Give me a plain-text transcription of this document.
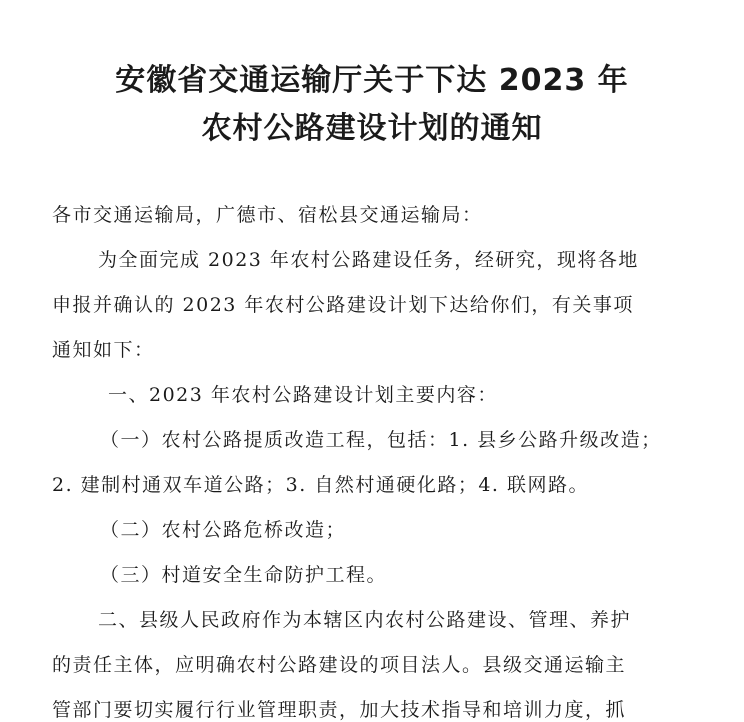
安徽省交通运输厅关于下达 2023 年
农村公路建设计划的通知
各市交通运输局，广德市、宿松县交通运输局：
为全面完成 2023 年农村公路建设任务，经研究，现将各地
申报并确认的 2023 年农村公路建设计划下达给你们，有关事项
通知如下：
一、2023 年农村公路建设计划主要内容：
（一）农村公路提质改造工程，包括：1. 县乡公路升级改造；
2. 建制村通双车道公路；3. 自然村通硬化路；4. 联网路。
（二）农村公路危桥改造；
（三）村道安全生命防护工程。
二、县级人民政府作为本辖区内农村公路建设、管理、养护
的责任主体，应明确农村公路建设的项目法人。县级交通运输主
管部门要切实履行行业管理职责，加大技术指导和培训力度，抓
